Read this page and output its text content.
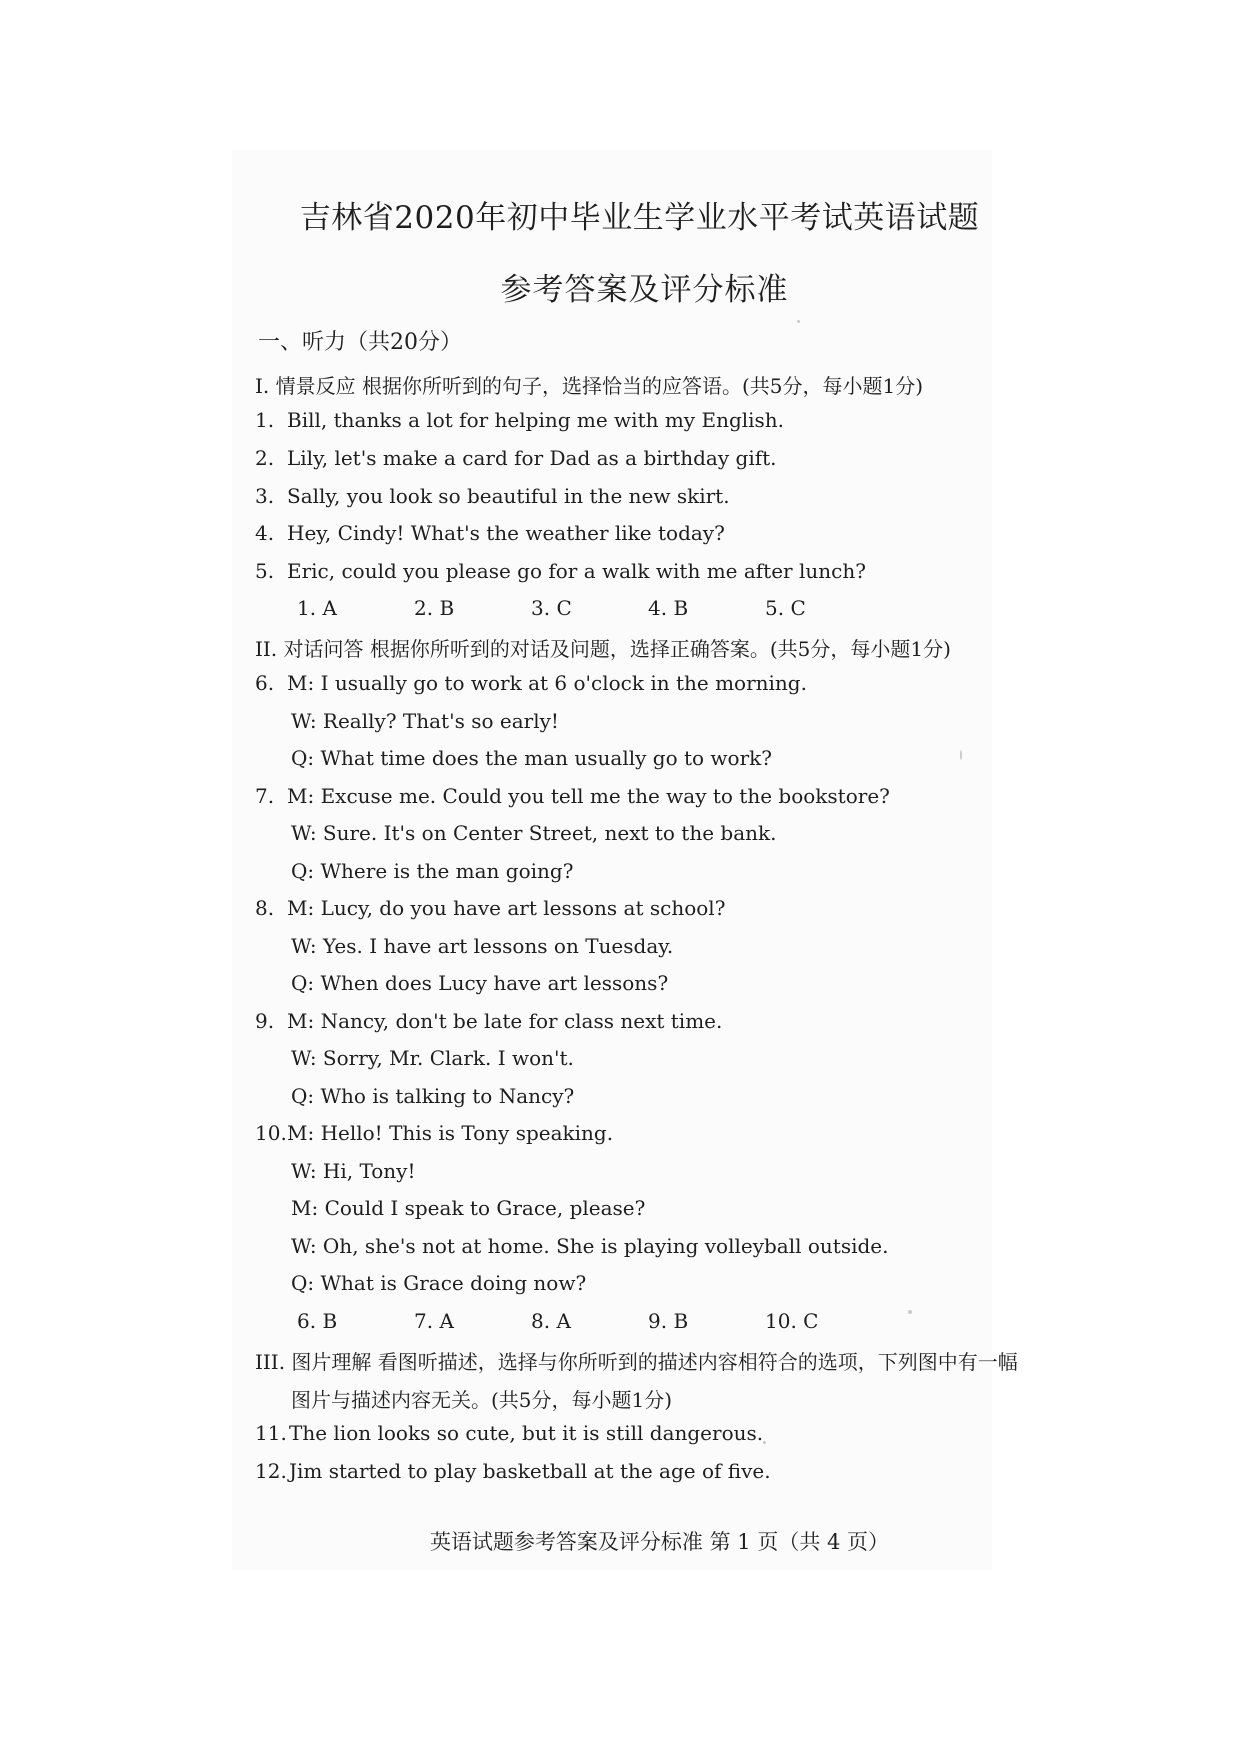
吉林省2020年初中毕业生学业水平考试英语试题
参考答案及评分标准
一、听力（共20分）
I. 情景反应 根据你所听到的句子，选择恰当的应答语。(共5分，每小题1分)
1. Bill, thanks a lot for helping me with my English.
2. Lily, let's make a card for Dad as a birthday gift.
3. Sally, you look so beautiful in the new skirt.
4. Hey, Cindy! What's the weather like today?
5. Eric, could you please go for a walk with me after lunch?
1. A	2. B	3. C	4. B	5. C
II. 对话问答 根据你所听到的对话及问题，选择正确答案。(共5分，每小题1分)
6. M: I usually go to work at 6 o'clock in the morning.
W: Really? That's so early!
Q: What time does the man usually go to work?
7. M: Excuse me. Could you tell me the way to the bookstore?
W: Sure. It's on Center Street, next to the bank.
Q: Where is the man going?
8. M: Lucy, do you have art lessons at school?
W: Yes. I have art lessons on Tuesday.
Q: When does Lucy have art lessons?
9. M: Nancy, don't be late for class next time.
W: Sorry, Mr. Clark. I won't.
Q: Who is talking to Nancy?
10.M: Hello! This is Tony speaking.
W: Hi, Tony!
M: Could I speak to Grace, please?
W: Oh, she's not at home. She is playing volleyball outside.
Q: What is Grace doing now?
6. B	7. A	8. A	9. B	10. C
III. 图片理解 看图听描述，选择与你所听到的描述内容相符合的选项，下列图中有一幅
图片与描述内容无关。(共5分，每小题1分)
11. The lion looks so cute, but it is still dangerous.
12. Jim started to play basketball at the age of five.
英语试题参考答案及评分标准 第 1 页（共 4 页）
